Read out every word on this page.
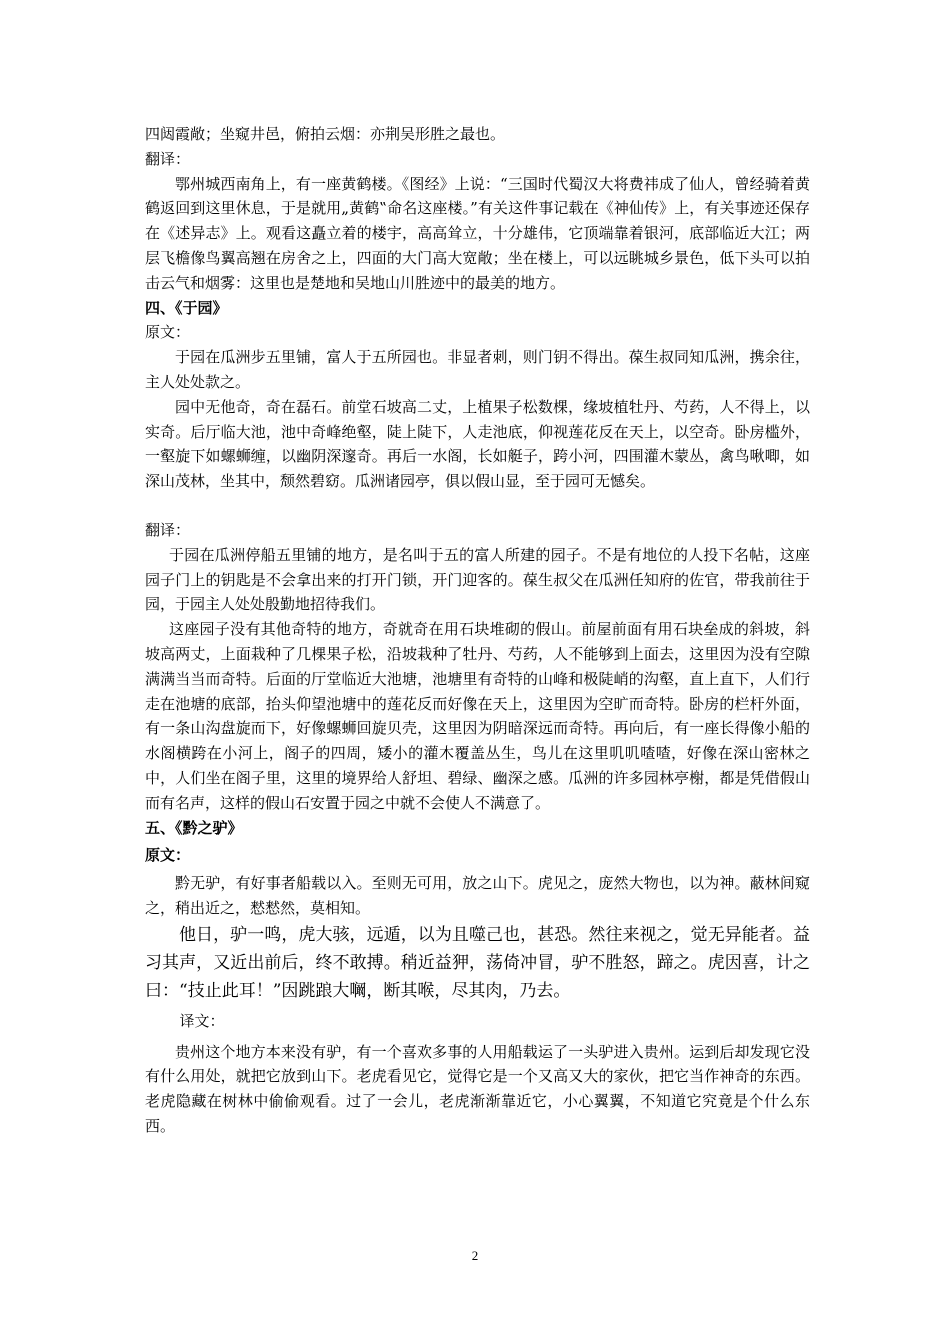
四闼霞敞；坐窥井邑，俯拍云烟：亦荆吴形胜之最也。

翻译：

鄂州城西南角上，有一座黄鹤楼。《图经》上说：“三国时代蜀汉大将费祎成了仙人，曾经骑着黄鹤返回到这里休息，于是就用„黄鹤‟命名这座楼。”有关这件事记载在《神仙传》上，有关事迹还保存在《述异志》上。观看这矗立着的楼宇，高高耸立，十分雄伟，它顶端靠着银河，底部临近大江；两层飞檐像鸟翼高翘在房舍之上，四面的大门高大宽敞；坐在楼上，可以远眺城乡景色，低下头可以拍击云气和烟雾：这里也是楚地和吴地山川胜迹中的最美的地方。

四、《于园》

原文：

于园在瓜洲步五里铺，富人于五所园也。非显者刺，则门钥不得出。葆生叔同知瓜洲，携余往，主人处处款之。

园中无他奇，奇在磊石。前堂石坡高二丈，上植果子松数棵，缘坡植牡丹、芍药，人不得上，以实奇。后厅临大池，池中奇峰绝壑，陡上陡下，人走池底，仰视莲花反在天上，以空奇。卧房槛外，一壑旋下如螺蛳缠，以幽阴深邃奇。再后一水阁，长如艇子，跨小河，四围灌木蒙丛，禽鸟啾唧，如深山茂林，坐其中，颓然碧窈。瓜洲诸园亭，俱以假山显，至于园可无憾矣。

翻译：

于园在瓜洲停船五里铺的地方，是名叫于五的富人所建的园子。不是有地位的人投下名帖，这座园子门上的钥匙是不会拿出来的打开门锁，开门迎客的。葆生叔父在瓜洲任知府的佐官，带我前往于园，于园主人处处殷勤地招待我们。

这座园子没有其他奇特的地方，奇就奇在用石块堆砌的假山。前屋前面有用石块垒成的斜坡，斜坡高两丈，上面栽种了几棵果子松，沿坡栽种了牡丹、芍药，人不能够到上面去，这里因为没有空隙满满当当而奇特。后面的厅堂临近大池塘，池塘里有奇特的山峰和极陡峭的沟壑，直上直下，人们行走在池塘的底部，抬头仰望池塘中的莲花反而好像在天上，这里因为空旷而奇特。卧房的栏杆外面，有一条山沟盘旋而下，好像螺蛳回旋贝壳，这里因为阴暗深远而奇特。再向后，有一座长得像小船的水阁横跨在小河上，阁子的四周，矮小的灌木覆盖丛生，鸟儿在这里叽叽喳喳，好像在深山密林之中，人们坐在阁子里，这里的境界给人舒坦、碧绿、幽深之感。瓜洲的许多园林亭榭，都是凭借假山而有名声，这样的假山石安置于园之中就不会使人不满意了。

五、《黔之驴》

原文：

黔无驴，有好事者船载以入。至则无可用，放之山下。虎见之，庞然大物也，以为神。蔽林间窥之，稍出近之，慭慭然，莫相知。

他日，驴一鸣，虎大骇，远遁，以为且噬己也，甚恐。然往来视之，觉无异能者。益习其声，又近出前后，终不敢搏。稍近益狎，荡倚冲冒，驴不胜怒，蹄之。虎因喜，计之曰：“技止此耳！”因跳踉大㘎，断其喉，尽其肉，乃去。

译文：

贵州这个地方本来没有驴，有一个喜欢多事的人用船载运了一头驴进入贵州。运到后却发现它没有什么用处，就把它放到山下。老虎看见它，觉得它是一个又高又大的家伙，把它当作神奇的东西。老虎隐藏在树林中偷偷观看。过了一会儿，老虎渐渐靠近它，小心翼翼，不知道它究竟是个什么东西。

2
